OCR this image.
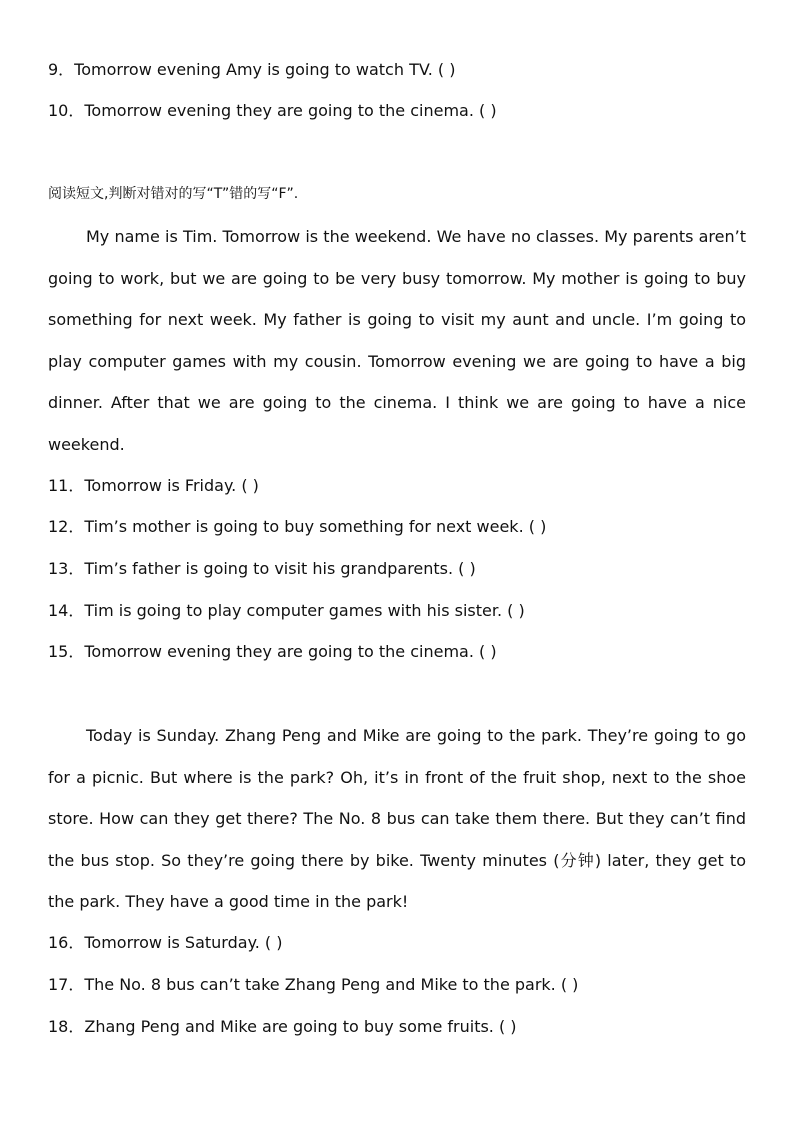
9．Tomorrow evening Amy is going to watch TV. ( )
10．Tomorrow evening they are going to the cinema. ( )
阅读短文,判断对错对的写“T”错的写“F”.

My name is Tim. Tomorrow is the weekend. We have no classes. My parents aren’t going to work, but we are going to be very busy tomorrow. My mother is going to buy something for next week. My father is going to visit my aunt and uncle. I’m going to play computer games with my cousin. Tomorrow evening we are going to have a big dinner. After that we are going to the cinema. I think we are going to have a nice weekend.

11．Tomorrow is Friday. ( )
12．Tim’s mother is going to buy something for next week. ( )
13．Tim’s father is going to visit his grandparents. ( )
14．Tim is going to play computer games with his sister. ( )
15．Tomorrow evening they are going to the cinema. ( )

Today is Sunday. Zhang Peng and Mike are going to the park. They’re going to go for a picnic. But where is the park? Oh, it’s in front of the fruit shop, next to the shoe store. How can they get there? The No. 8 bus can take them there. But they can’t find the bus stop. So they’re going there by bike. Twenty minutes (分钟) later, they get to the park. They have a good time in the park!

16．Tomorrow is Saturday. ( )
17．The No. 8 bus can’t take Zhang Peng and Mike to the park. ( )
18．Zhang Peng and Mike are going to buy some fruits. ( )
